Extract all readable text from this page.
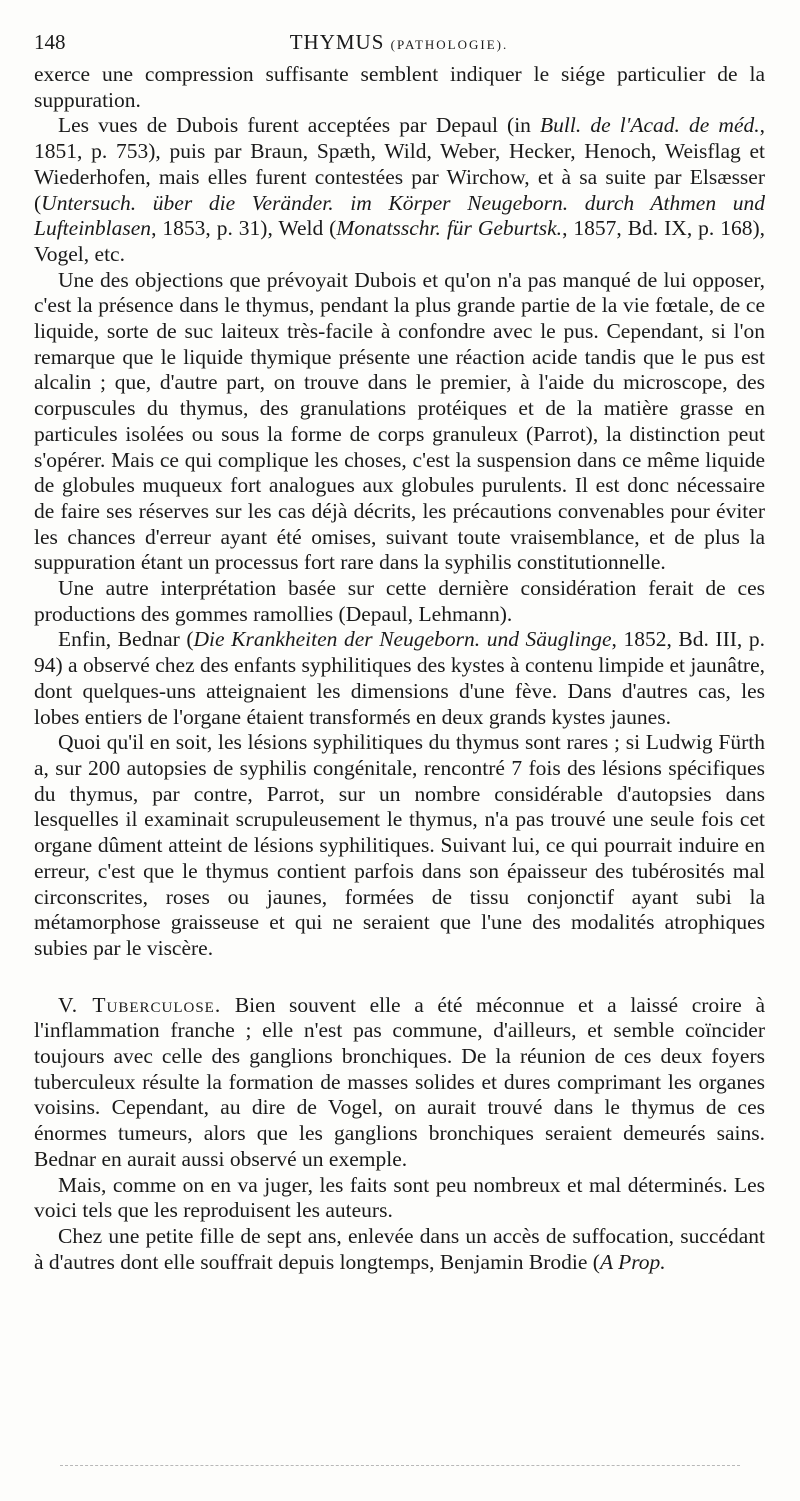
148	THYMUS (PATHOLOGIE).

exerce une compression suffisante semblent indiquer le siége particulier de la suppuration.

Les vues de Dubois furent acceptées par Depaul (in Bull. de l'Acad. de méd., 1851, p. 753), puis par Braun, Spæth, Wild, Weber, Hecker, Henoch, Weisflag et Wiederhofen, mais elles furent contestées par Wirchow, et à sa suite par Elsæsser (Untersuch. über die Veränder. im Körper Neugeborn. durch Athmen und Lufteinblasen, 1853, p. 31), Weld (Monatsschr. für Geburtsk., 1857, Bd. IX, p. 168), Vogel, etc.

Une des objections que prévoyait Dubois et qu'on n'a pas manqué de lui opposer, c'est la présence dans le thymus, pendant la plus grande partie de la vie fœtale, de ce liquide, sorte de suc laiteux très-facile à confondre avec le pus. Cependant, si l'on remarque que le liquide thymique présente une réaction acide tandis que le pus est alcalin ; que, d'autre part, on trouve dans le premier, à l'aide du microscope, des corpuscules du thymus, des granulations protéiques et de la matière grasse en particules isolées ou sous la forme de corps granuleux (Parrot), la distinction peut s'opérer. Mais ce qui complique les choses, c'est la suspension dans ce même liquide de globules muqueux fort analogues aux globules purulents. Il est donc nécessaire de faire ses réserves sur les cas déjà décrits, les précautions convenables pour éviter les chances d'erreur ayant été omises, suivant toute vraisemblance, et de plus la suppuration étant un processus fort rare dans la syphilis constitutionnelle.

Une autre interprétation basée sur cette dernière considération ferait de ces productions des gommes ramollies (Depaul, Lehmann).

Enfin, Bednar (Die Krankheiten der Neugeborn. und Säuglinge, 1852, Bd. III, p. 94) a observé chez des enfants syphilitiques des kystes à contenu limpide et jaunâtre, dont quelques-uns atteignaient les dimensions d'une fève. Dans d'autres cas, les lobes entiers de l'organe étaient transformés en deux grands kystes jaunes.

Quoi qu'il en soit, les lésions syphilitiques du thymus sont rares ; si Ludwig Fürth a, sur 200 autopsies de syphilis congénitale, rencontré 7 fois des lésions spécifiques du thymus, par contre, Parrot, sur un nombre considérable d'autopsies dans lesquelles il examinait scrupuleusement le thymus, n'a pas trouvé une seule fois cet organe dûment atteint de lésions syphilitiques. Suivant lui, ce qui pourrait induire en erreur, c'est que le thymus contient parfois dans son épaisseur des tubérosités mal circonscrites, roses ou jaunes, formées de tissu conjonctif ayant subi la métamorphose graisseuse et qui ne seraient que l'une des modalités atrophiques subies par le viscère.

V. Tuberculose. Bien souvent elle a été méconnue et a laissé croire à l'inflammation franche ; elle n'est pas commune, d'ailleurs, et semble coïncider toujours avec celle des ganglions bronchiques. De la réunion de ces deux foyers tuberculeux résulte la formation de masses solides et dures comprimant les organes voisins. Cependant, au dire de Vogel, on aurait trouvé dans le thymus de ces énormes tumeurs, alors que les ganglions bronchiques seraient demeurés sains. Bednar en aurait aussi observé un exemple.

Mais, comme on en va juger, les faits sont peu nombreux et mal déterminés. Les voici tels que les reproduisent les auteurs.

Chez une petite fille de sept ans, enlevée dans un accès de suffocation, succédant à d'autres dont elle souffrait depuis longtemps, Benjamin Brodie (A Prop.
